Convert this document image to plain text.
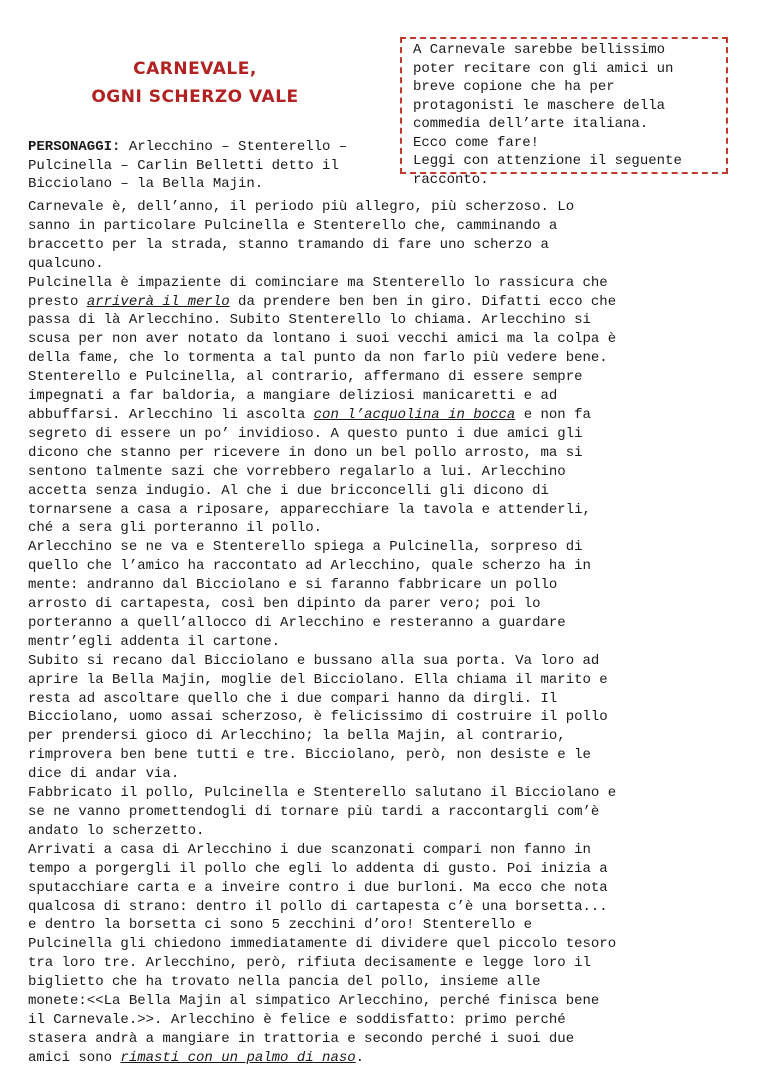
CARNEVALE,
OGNI SCHERZO VALE
PERSONAGGI: Arlecchino – Stenterello – Pulcinella – Carlin Belletti detto il Bicciolano – la Bella Majin.
A Carnevale sarebbe bellissimo
poter recitare con gli amici un
breve copione che ha per
protagonisti le maschere della
commedia dell’arte italiana.
Ecco come fare!
Leggi con attenzione il seguente
racconto.
Carnevale è, dell’anno, il periodo più allegro, più scherzoso. Lo
sanno in particolare Pulcinella e Stenterello che, camminando a
braccetto per la strada, stanno tramando di fare uno scherzo a
qualcuno.
Pulcinella è impaziente di cominciare ma Stenterello lo rassicura che
presto arriverà il merlo da prendere ben ben in giro. Difatti ecco che
passa di là Arlecchino. Subito Stenterello lo chiama. Arlecchino si
scusa per non aver notato da lontano i suoi vecchi amici ma la colpa è
della fame, che lo tormenta a tal punto da non farlo più vedere bene.
Stenterello e Pulcinella, al contrario, affermano di essere sempre
impegnati a far baldoria, a mangiare deliziosi manicaretti e ad
abbuffarsi. Arlecchino li ascolta con l’acquolina in bocca e non fa
segreto di essere un po’ invidioso. A questo punto i due amici gli
dicono che stanno per ricevere in dono un bel pollo arrosto, ma si
sentono talmente sazi che vorrebbero regalarlo a lui. Arlecchino
accetta senza indugio. Al che i due bricconcelli gli dicono di
tornarsene a casa a riposare, apparecchiare la tavola e attenderli,
ché a sera gli porteranno il pollo.
Arlecchino se ne va e Stenterello spiega a Pulcinella, sorpreso di
quello che l’amico ha raccontato ad Arlecchino, quale scherzo ha in
mente: andranno dal Bicciolano e si faranno fabbricare un pollo
arrosto di cartapesta, così ben dipinto da parer vero; poi lo
porteranno a quell’allocco di Arlecchino e resteranno a guardare
mentr’egli addenta il cartone.
Subito si recano dal Bicciolano e bussano alla sua porta. Va loro ad
aprire la Bella Majin, moglie del Bicciolano. Ella chiama il marito e
resta ad ascoltare quello che i due compari hanno da dirgli. Il
Bicciolano, uomo assai scherzoso, è felicissimo di costruire il pollo
per prendersi gioco di Arlecchino; la bella Majin, al contrario,
rimprovera ben bene tutti e tre. Bicciolano, però, non desiste e le
dice di andar via.
Fabbricato il pollo, Pulcinella e Stenterello salutano il Bicciolano e
se ne vanno promettendogli di tornare più tardi a raccontargli com’è
andato lo scherzetto.
Arrivati a casa di Arlecchino i due scanzonati compari non fanno in
tempo a porgergli il pollo che egli lo addenta di gusto. Poi inizia a
sputacchiare carta e a inveire contro i due burloni. Ma ecco che nota
qualcosa di strano: dentro il pollo di cartapesta c’è una borsetta...
e dentro la borsetta ci sono 5 zecchini d’oro! Stenterello e
Pulcinella gli chiedono immediatamente di dividere quel piccolo tesoro
tra loro tre. Arlecchino, però, rifiuta decisamente e legge loro il
biglietto che ha trovato nella pancia del pollo, insieme alle
monete:<<La Bella Majin al simpatico Arlecchino, perché finisca bene
il Carnevale.>>. Arlecchino è felice e soddisfatto: primo perché
stasera andrà a mangiare in trattoria e secondo perché i suoi due
amici sono rimasti con un palmo di naso.
